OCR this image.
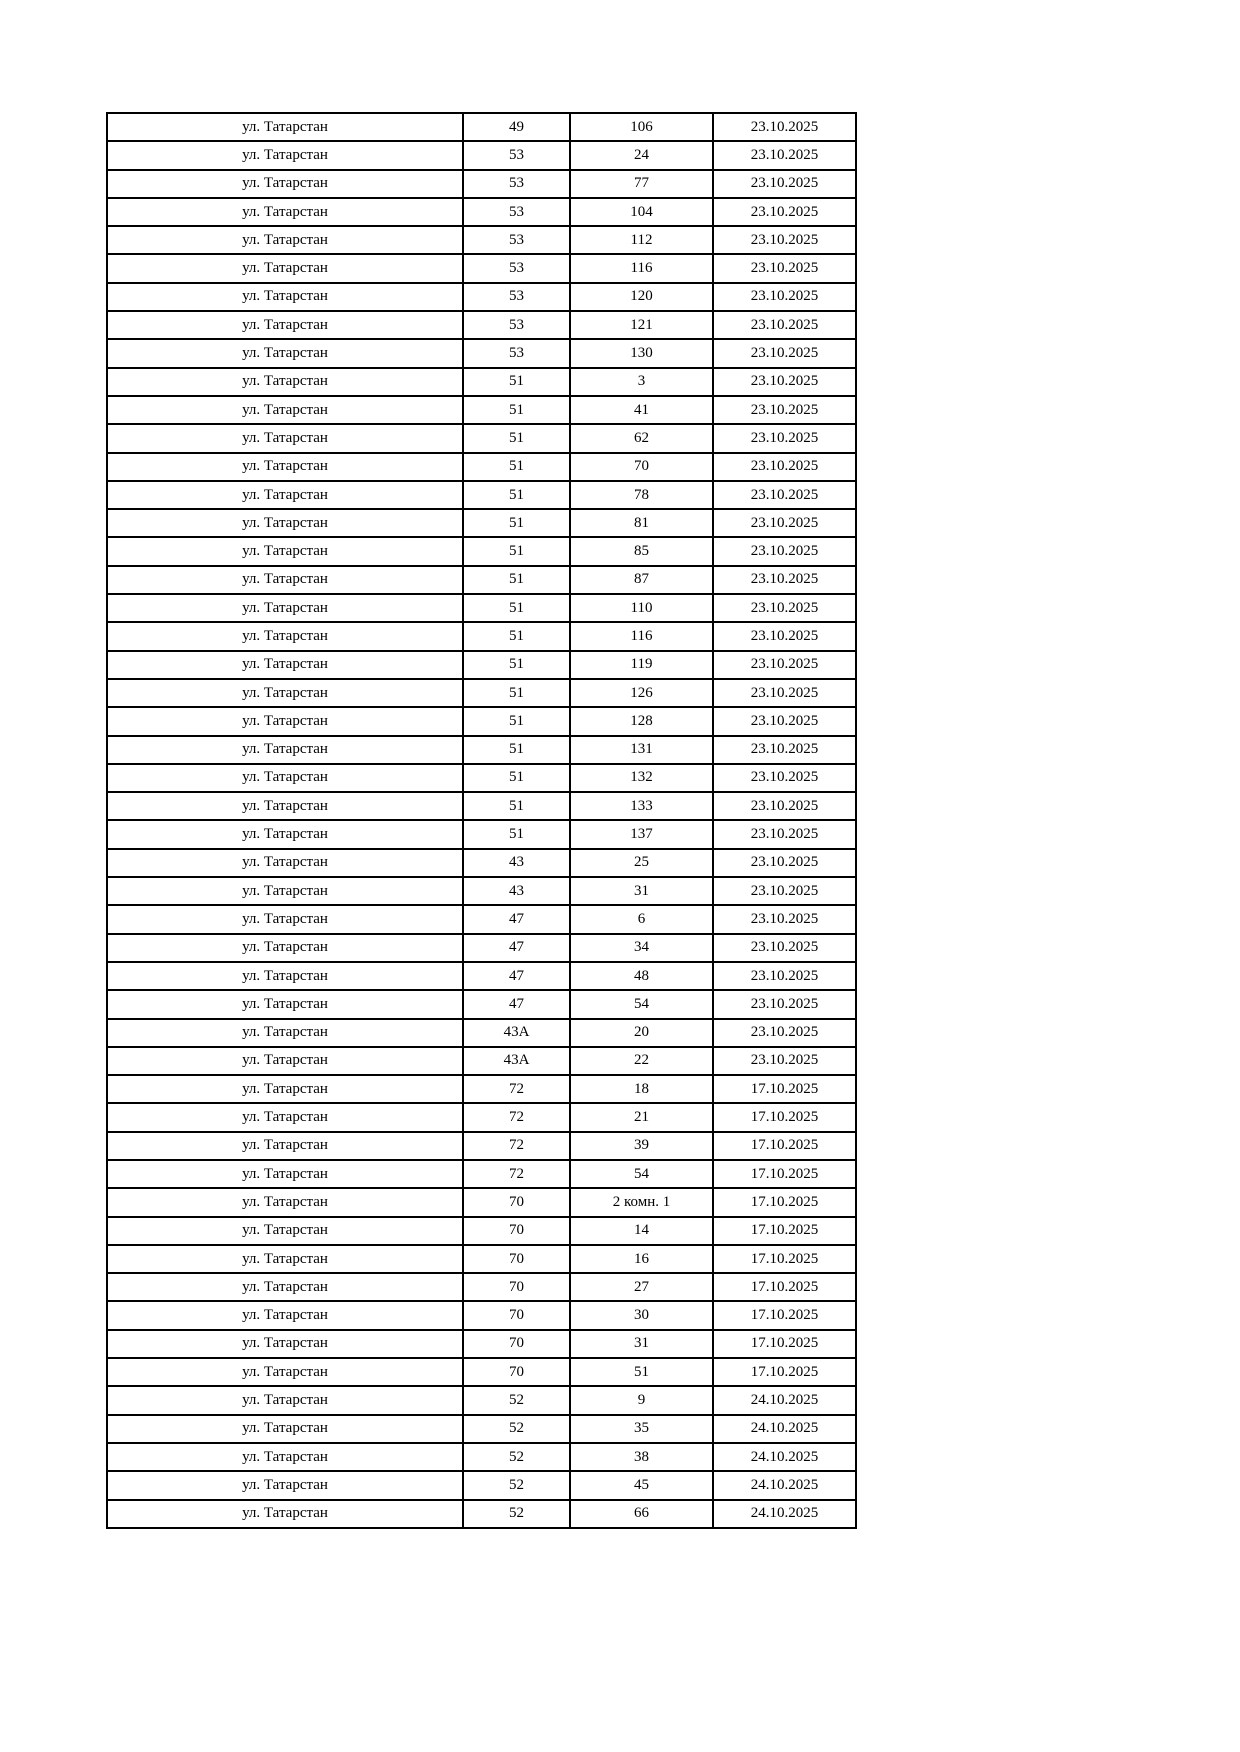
ул. Татарстан	49	106	23.10.2025
ул. Татарстан	53	24	23.10.2025
ул. Татарстан	53	77	23.10.2025
ул. Татарстан	53	104	23.10.2025
ул. Татарстан	53	112	23.10.2025
ул. Татарстан	53	116	23.10.2025
ул. Татарстан	53	120	23.10.2025
ул. Татарстан	53	121	23.10.2025
ул. Татарстан	53	130	23.10.2025
ул. Татарстан	51	3	23.10.2025
ул. Татарстан	51	41	23.10.2025
ул. Татарстан	51	62	23.10.2025
ул. Татарстан	51	70	23.10.2025
ул. Татарстан	51	78	23.10.2025
ул. Татарстан	51	81	23.10.2025
ул. Татарстан	51	85	23.10.2025
ул. Татарстан	51	87	23.10.2025
ул. Татарстан	51	110	23.10.2025
ул. Татарстан	51	116	23.10.2025
ул. Татарстан	51	119	23.10.2025
ул. Татарстан	51	126	23.10.2025
ул. Татарстан	51	128	23.10.2025
ул. Татарстан	51	131	23.10.2025
ул. Татарстан	51	132	23.10.2025
ул. Татарстан	51	133	23.10.2025
ул. Татарстан	51	137	23.10.2025
ул. Татарстан	43	25	23.10.2025
ул. Татарстан	43	31	23.10.2025
ул. Татарстан	47	6	23.10.2025
ул. Татарстан	47	34	23.10.2025
ул. Татарстан	47	48	23.10.2025
ул. Татарстан	47	54	23.10.2025
ул. Татарстан	43А	20	23.10.2025
ул. Татарстан	43А	22	23.10.2025
ул. Татарстан	72	18	17.10.2025
ул. Татарстан	72	21	17.10.2025
ул. Татарстан	72	39	17.10.2025
ул. Татарстан	72	54	17.10.2025
ул. Татарстан	70	2 комн. 1	17.10.2025
ул. Татарстан	70	14	17.10.2025
ул. Татарстан	70	16	17.10.2025
ул. Татарстан	70	27	17.10.2025
ул. Татарстан	70	30	17.10.2025
ул. Татарстан	70	31	17.10.2025
ул. Татарстан	70	51	17.10.2025
ул. Татарстан	52	9	24.10.2025
ул. Татарстан	52	35	24.10.2025
ул. Татарстан	52	38	24.10.2025
ул. Татарстан	52	45	24.10.2025
ул. Татарстан	52	66	24.10.2025
